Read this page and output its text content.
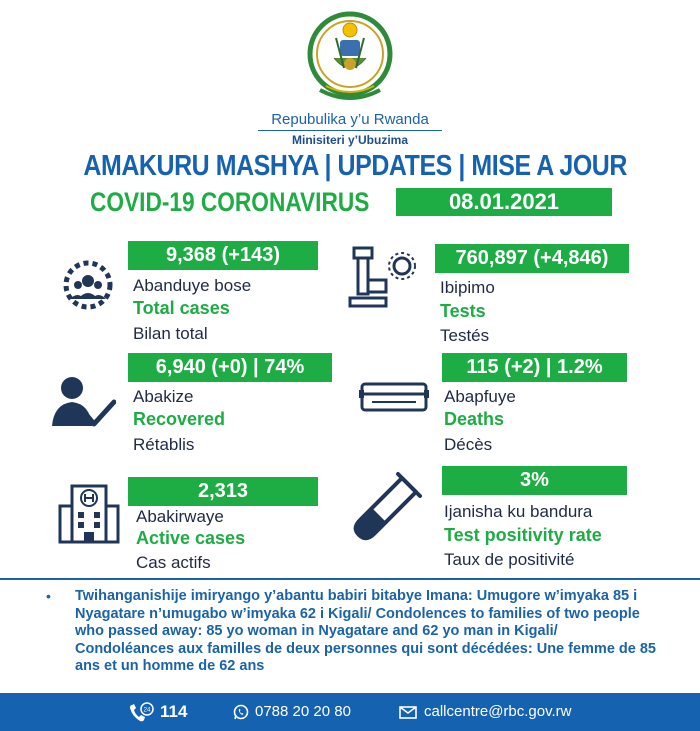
Repubulika y’u Rwanda
Minisiteri y’Ubuzima
AMAKURU MASHYA | UPDATES | MISE A JOUR
COVID-19 CORONAVIRUS	08.01.2021
9,368 (+143)
Abanduye bose
Total cases
Bilan total
760,897 (+4,846)
Ibipimo
Tests
Testés
6,940 (+0) | 74%
Abakize
Recovered
Rétablis
115 (+2) | 1.2%
Abapfuye
Deaths
Décès
2,313
Abakirwaye
Active cases
Cas actifs
3%
Ijanisha ku bandura
Test positivity rate
Taux de positivité
• Twihanganishije imiryango y’abantu babiri bitabye Imana: Umugore w’imyaka 85 i Nyagatare n’umugabo w’imyaka 62 i Kigali/ Condolences to families of two people who passed away: 85 yo woman in Nyagatare and 62 yo man in Kigali/ Condoléances aux familles de deux personnes qui sont décédées: Une femme de 85 ans et un homme de 62 ans
24 114	0788 20 20 80	callcentre@rbc.gov.rw
